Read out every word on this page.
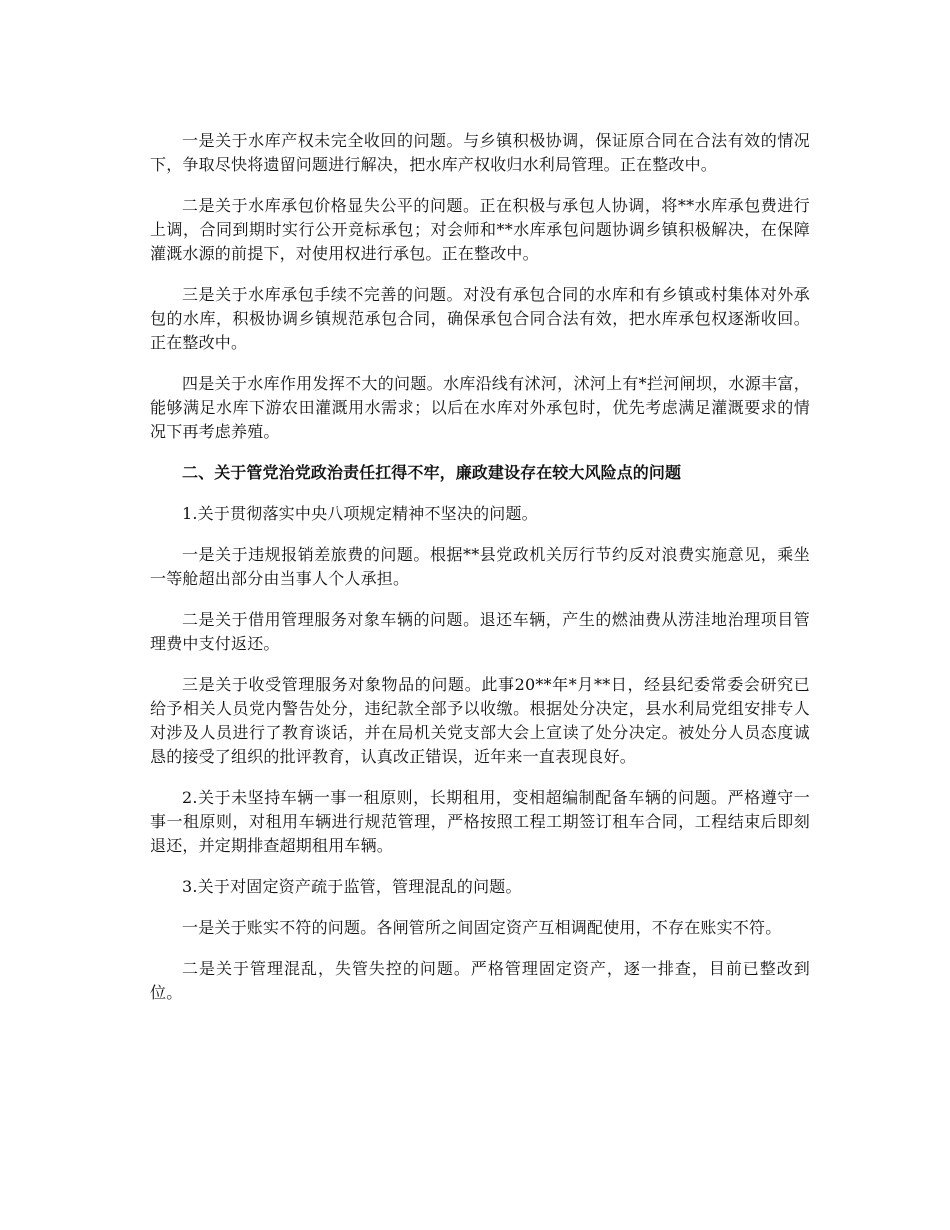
一是关于水库产权未完全收回的问题。与乡镇积极协调，保证原合同在合法有效的情况下，争取尽快将遗留问题进行解决，把水库产权收归水利局管理。正在整改中。

二是关于水库承包价格显失公平的问题。正在积极与承包人协调，将**水库承包费进行上调，合同到期时实行公开竞标承包；对会师和**水库承包问题协调乡镇积极解决，在保障灌溉水源的前提下，对使用权进行承包。正在整改中。

三是关于水库承包手续不完善的问题。对没有承包合同的水库和有乡镇或村集体对外承包的水库，积极协调乡镇规范承包合同，确保承包合同合法有效，把水库承包权逐渐收回。正在整改中。

四是关于水库作用发挥不大的问题。水库沿线有沭河，沭河上有*拦河闸坝，水源丰富，能够满足水库下游农田灌溉用水需求；以后在水库对外承包时，优先考虑满足灌溉要求的情况下再考虑养殖。

二、关于管党治党政治责任扛得不牢，廉政建设存在较大风险点的问题

1.关于贯彻落实中央八项规定精神不坚决的问题。

一是关于违规报销差旅费的问题。根据**县党政机关厉行节约反对浪费实施意见，乘坐一等舱超出部分由当事人个人承担。

二是关于借用管理服务对象车辆的问题。退还车辆，产生的燃油费从涝洼地治理项目管理费中支付返还。

三是关于收受管理服务对象物品的问题。此事20**年*月**日，经县纪委常委会研究已给予相关人员党内警告处分，违纪款全部予以收缴。根据处分决定，县水利局党组安排专人对涉及人员进行了教育谈话，并在局机关党支部大会上宣读了处分决定。被处分人员态度诚恳的接受了组织的批评教育，认真改正错误，近年来一直表现良好。

2.关于未坚持车辆一事一租原则，长期租用，变相超编制配备车辆的问题。严格遵守一事一租原则，对租用车辆进行规范管理，严格按照工程工期签订租车合同，工程结束后即刻退还，并定期排查超期租用车辆。

3.关于对固定资产疏于监管，管理混乱的问题。

一是关于账实不符的问题。各闸管所之间固定资产互相调配使用，不存在账实不符。

二是关于管理混乱，失管失控的问题。严格管理固定资产，逐一排查，目前已整改到位。
